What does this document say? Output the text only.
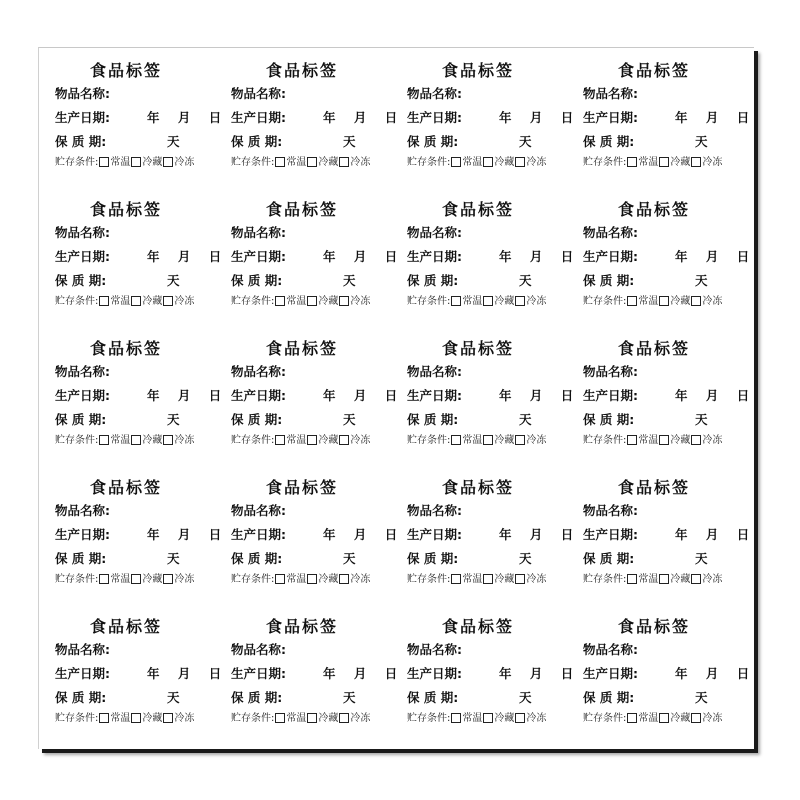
食品标签
物品名称:
生产日期:	年 月 日
保 质 期:	天
贮存条件: 常温 冷藏 冷冻
食品标签
物品名称:
生产日期:	年 月 日
保 质 期:	天
贮存条件: 常温 冷藏 冷冻
食品标签
物品名称:
生产日期:	年 月 日
保 质 期:	天
贮存条件: 常温 冷藏 冷冻
食品标签
物品名称:
生产日期:	年 月 日
保 质 期:	天
贮存条件: 常温 冷藏 冷冻
食品标签
物品名称:
生产日期:	年 月 日
保 质 期:	天
贮存条件: 常温 冷藏 冷冻
食品标签
物品名称:
生产日期:	年 月 日
保 质 期:	天
贮存条件: 常温 冷藏 冷冻
食品标签
物品名称:
生产日期:	年 月 日
保 质 期:	天
贮存条件: 常温 冷藏 冷冻
食品标签
物品名称:
生产日期:	年 月 日
保 质 期:	天
贮存条件: 常温 冷藏 冷冻
食品标签
物品名称:
生产日期:	年 月 日
保 质 期:	天
贮存条件: 常温 冷藏 冷冻
食品标签
物品名称:
生产日期:	年 月 日
保 质 期:	天
贮存条件: 常温 冷藏 冷冻
食品标签
物品名称:
生产日期:	年 月 日
保 质 期:	天
贮存条件: 常温 冷藏 冷冻
食品标签
物品名称:
生产日期:	年 月 日
保 质 期:	天
贮存条件: 常温 冷藏 冷冻
食品标签
物品名称:
生产日期:	年 月 日
保 质 期:	天
贮存条件: 常温 冷藏 冷冻
食品标签
物品名称:
生产日期:	年 月 日
保 质 期:	天
贮存条件: 常温 冷藏 冷冻
食品标签
物品名称:
生产日期:	年 月 日
保 质 期:	天
贮存条件: 常温 冷藏 冷冻
食品标签
物品名称:
生产日期:	年 月 日
保 质 期:	天
贮存条件: 常温 冷藏 冷冻
食品标签
物品名称:
生产日期:	年 月 日
保 质 期:	天
贮存条件: 常温 冷藏 冷冻
食品标签
物品名称:
生产日期:	年 月 日
保 质 期:	天
贮存条件: 常温 冷藏 冷冻
食品标签
物品名称:
生产日期:	年 月 日
保 质 期:	天
贮存条件: 常温 冷藏 冷冻
食品标签
物品名称:
生产日期:	年 月 日
保 质 期:	天
贮存条件: 常温 冷藏 冷冻
